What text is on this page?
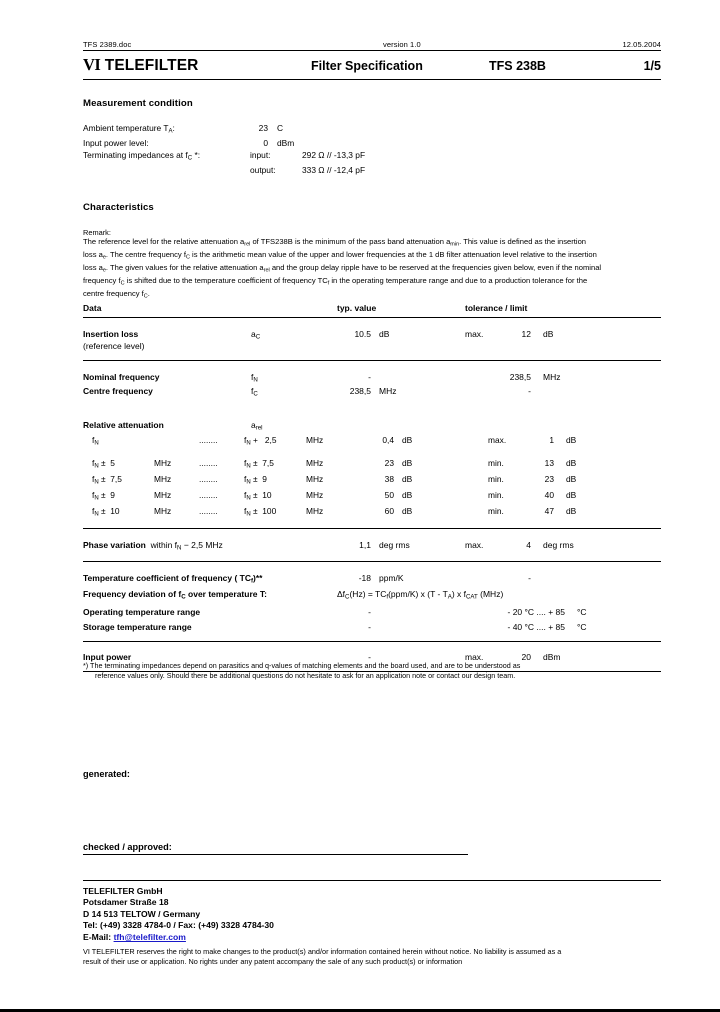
TFS 2389.doc	version 1.0	12.05.2004
VI TELEFILTER	Filter Specification	TFS 238B	1/5
Measurement condition
Ambient temperature $T_A$:	23	C
Input power level:	0	dBm
Terminating impedances at $f_C$ *:	input:	292 Ω // -13,3 pF
output:	333 Ω // -12,4 pF
Characteristics
Remark:
The reference level for the relative attenuation $a_{rel}$ of TFS238B is the minimum of the pass band attenuation $a_{min}$. This value is defined as the insertion
loss $a_e$. The centre frequency $f_C$ is the arithmetic mean value of the upper and lower frequencies at the 1 dB filter attenuation level relative to the insertion
loss $a_e$. The given values for the relative attenuation $a_{rel}$ and the group delay ripple have to be reserved at the frequencies given below, even if the nominal
frequency $f_C$ is shifted due to the temperature coefficient of frequency $TC_f$ in the operating temperature range and due to a production tolerance for the
centre frequency $f_C$.
Data	typ. value	tolerance / limit
Insertion loss	$a_C$	10.5 dB	max.	12 dB
(reference level)
Nominal frequency	$f_N$	-	238,5 MHz
Centre frequency	$f_C$	238,5 MHz	-
Relative attenuation	$a_{rel}$
$f_N$	........	$f_N + 2,5$	MHz	0,4 dB	max.	1 dB
$f_N \pm 5$	MHz	........	$f_N \pm 7,5$	MHz	23 dB	min.	13 dB
$f_N \pm 7,5$	MHz	........	$f_N \pm 9$	MHz	38 dB	min.	23 dB
$f_N \pm 9$	MHz	........	$f_N \pm 10$	MHz	50 dB	min.	40 dB
$f_N \pm 10$	MHz	........	$f_N \pm 100$	MHz	60 dB	min.	47 dB
Phase variation within $f_N - 2,5$ MHz	1,1 deg rms	max.	4 deg rms
Temperature coefficient of frequency ( $TC_f)**$	-18 ppm/K	-
Frequency deviation of $f_C$ over temperature T:	$\Delta f_C(Hz) = TC_f(ppm/K)$ x $(T - T_A)$ x $f_{CAT}$ (MHz)
Operating temperature range	-	- 20 °C .... + 85 °C
Storage temperature range	-	- 40 °C .... + 85 °C
Input power	-	max.	20 dBm
*) The terminating impedances depend on parasitics and q-values of matching elements and the board used, and are to be understood as
reference values only. Should there be additional questions do not hesitate to ask for an application note or contact our design team.
generated:
checked / approved:
TELEFILTER GmbH
Potsdamer Straße 18
D 14 513 TELTOW / Germany
Tel: (+49) 3328 4784-0 / Fax: (+49) 3328 4784-30
E-Mail: tfh@telefilter.com
VI TELEFILTER reserves the right to make changes to the product(s) and/or information contained herein without notice. No liability is assumed as a
result of their use or application. No rights under any patent accompany the sale of any such product(s) or information
